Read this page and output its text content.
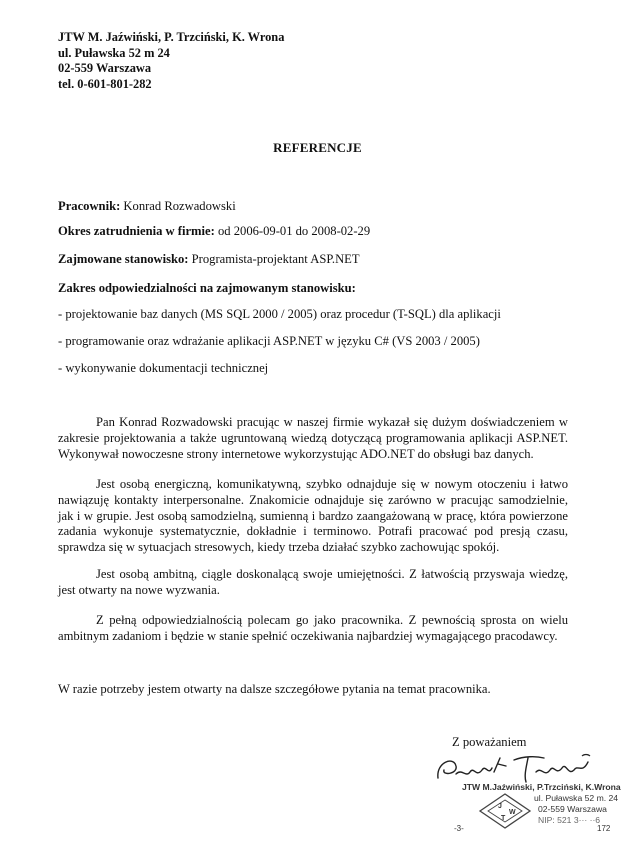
JTW M. Jaźwiński, P. Trzciński, K. Wrona
ul. Puławska 52 m 24
02-559 Warszawa
tel. 0-601-801-282
REFERENCJE
Pracownik: Konrad Rozwadowski
Okres zatrudnienia w firmie: od 2006-09-01 do 2008-02-29
Zajmowane stanowisko: Programista-projektant ASP.NET
Zakres odpowiedzialności na zajmowanym stanowisku:
- projektowanie baz danych (MS SQL 2000 / 2005) oraz procedur (T-SQL) dla aplikacji
- programowanie oraz wdrażanie aplikacji ASP.NET w języku C# (VS 2003 / 2005)
- wykonywanie dokumentacji technicznej
Pan Konrad Rozwadowski pracując w naszej firmie wykazał się dużym doświadczeniem w zakresie projektowania a także ugruntowaną wiedzą dotyczącą programowania aplikacji ASP.NET. Wykonywał nowoczesne strony internetowe wykorzystując ADO.NET do obsługi baz danych.
Jest osobą energiczną, komunikatywną, szybko odnajduje się w nowym otoczeniu i łatwo nawiązuję kontakty interpersonalne. Znakomicie odnajduje się zarówno w pracując samodzielnie, jak i w grupie. Jest osobą samodzielną, sumienną i bardzo zaangażowaną w pracę, która powierzone zadania wykonuje systematycznie, dokładnie i terminowo. Potrafi pracować pod presją czasu, sprawdza się w sytuacjach stresowych, kiedy trzeba działać szybko zachowując spokój.
Jest osobą ambitną, ciągle doskonalącą swoje umiejętności. Z łatwością przyswaja wiedzę, jest otwarty na nowe wyzwania.
Z pełną odpowiedzialnością polecam go jako pracownika. Z pewnością sprosta on wielu ambitnym zadaniom i będzie w stanie spełnić oczekiwania najbardziej wymagającego pracodawcy.
W razie potrzeby jestem otwarty na dalsze szczegółowe pytania na temat pracownika.
Z poważaniem
JTW M.Jaźwiński, P.Trzciński, K.Wrona
J
W
T
ul. Puławska 52 m. 24
02-559 Warszawa
NIP: 521 3··· ··6
-3-	172
